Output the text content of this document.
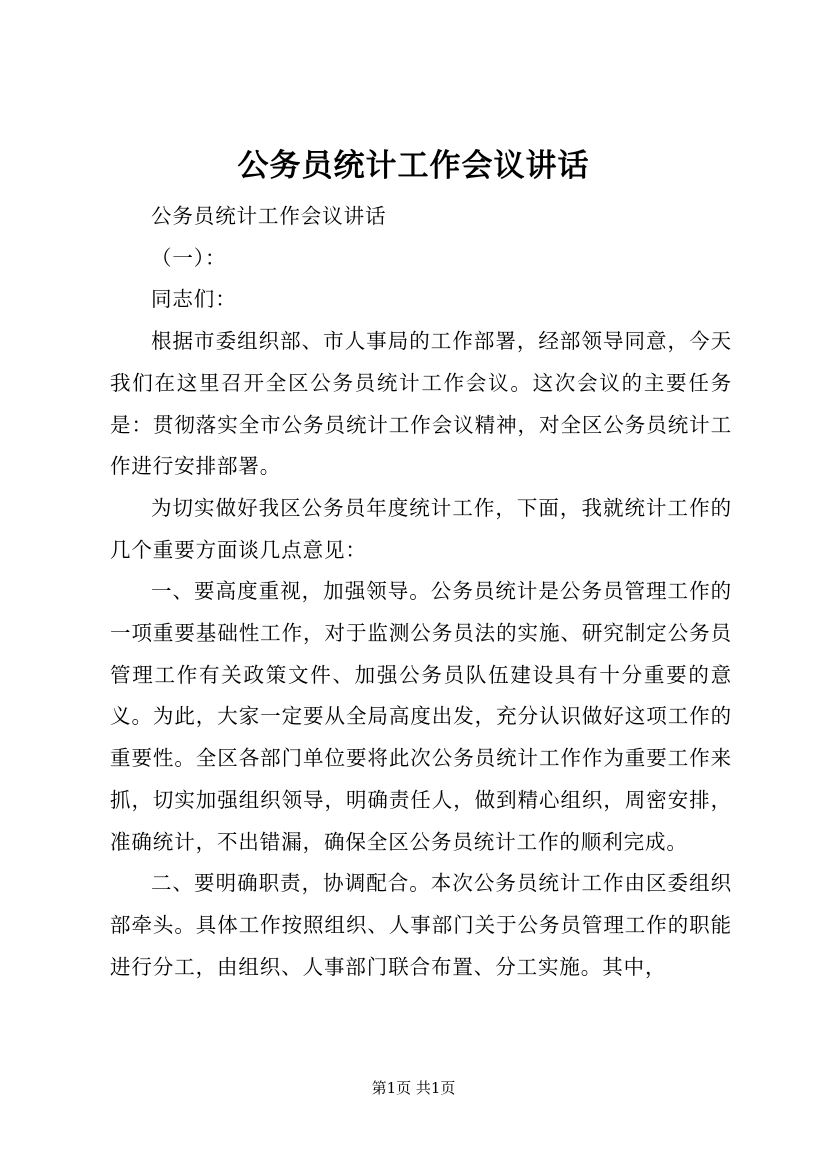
公务员统计工作会议讲话

公务员统计工作会议讲话

（一）：

同志们：

根据市委组织部、市人事局的工作部署，经部领导同意，今天我们在这里召开全区公务员统计工作会议。这次会议的主要任务是：贯彻落实全市公务员统计工作会议精神，对全区公务员统计工作进行安排部署。

为切实做好我区公务员年度统计工作，下面，我就统计工作的几个重要方面谈几点意见：

一、要高度重视，加强领导。公务员统计是公务员管理工作的一项重要基础性工作，对于监测公务员法的实施、研究制定公务员管理工作有关政策文件、加强公务员队伍建设具有十分重要的意义。为此，大家一定要从全局高度出发，充分认识做好这项工作的重要性。全区各部门单位要将此次公务员统计工作作为重要工作来抓，切实加强组织领导，明确责任人，做到精心组织，周密安排，准确统计，不出错漏，确保全区公务员统计工作的顺利完成。

二、要明确职责，协调配合。本次公务员统计工作由区委组织部牵头。具体工作按照组织、人事部门关于公务员管理工作的职能进行分工，由组织、人事部门联合布置、分工实施。其中，

第1页 共1页
